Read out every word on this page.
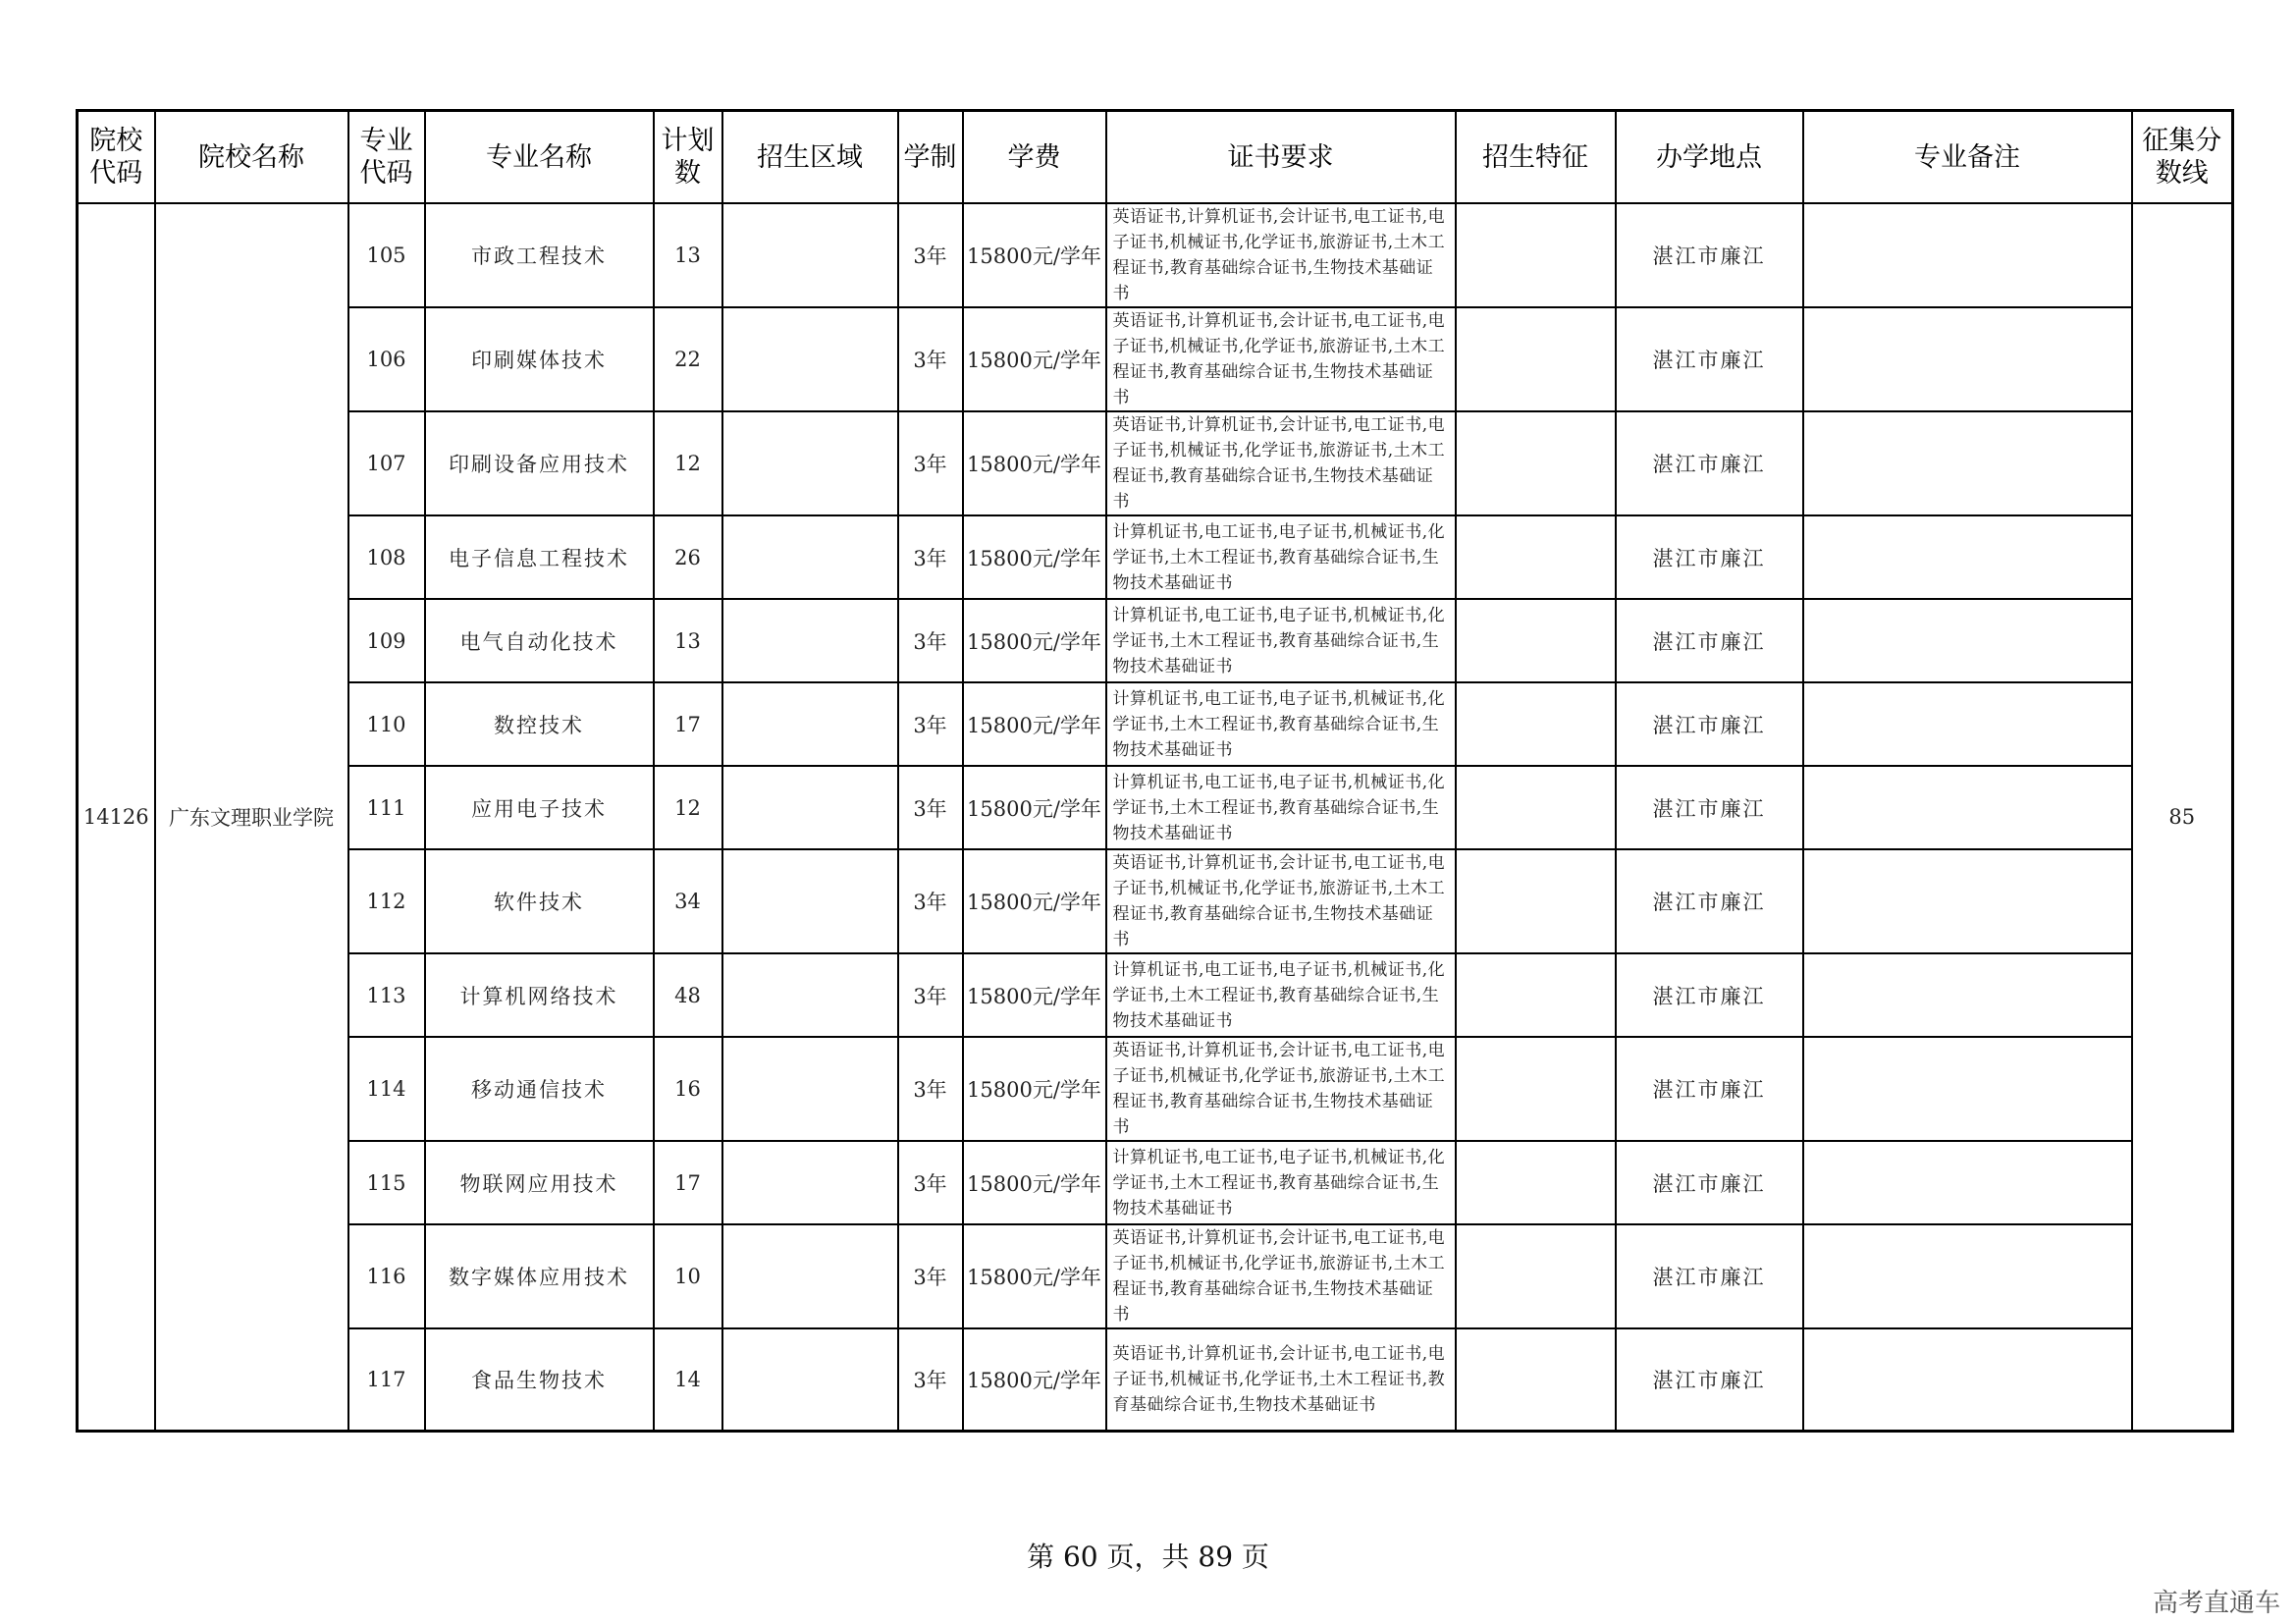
院校代码	院校名称	专业代码	专业名称	计划数	招生区域	学制	学费	证书要求	招生特征	办学地点	专业备注	征集分数线
14126	广东文理职业学院	105	市政工程技术	13		3年	15800元/学年	英语证书,计算机证书,会计证书,电工证书,电子证书,机械证书,化学证书,旅游证书,土木工程证书,教育基础综合证书,生物技术基础证书		湛江市廉江		85
		106	印刷媒体技术	22		3年	15800元/学年	英语证书,计算机证书,会计证书,电工证书,电子证书,机械证书,化学证书,旅游证书,土木工程证书,教育基础综合证书,生物技术基础证书		湛江市廉江		
		107	印刷设备应用技术	12		3年	15800元/学年	英语证书,计算机证书,会计证书,电工证书,电子证书,机械证书,化学证书,旅游证书,土木工程证书,教育基础综合证书,生物技术基础证书		湛江市廉江		
		108	电子信息工程技术	26		3年	15800元/学年	计算机证书,电工证书,电子证书,机械证书,化学证书,土木工程证书,教育基础综合证书,生物技术基础证书		湛江市廉江		
		109	电气自动化技术	13		3年	15800元/学年	计算机证书,电工证书,电子证书,机械证书,化学证书,土木工程证书,教育基础综合证书,生物技术基础证书		湛江市廉江		
		110	数控技术	17		3年	15800元/学年	计算机证书,电工证书,电子证书,机械证书,化学证书,土木工程证书,教育基础综合证书,生物技术基础证书		湛江市廉江		
		111	应用电子技术	12		3年	15800元/学年	计算机证书,电工证书,电子证书,机械证书,化学证书,土木工程证书,教育基础综合证书,生物技术基础证书		湛江市廉江		
		112	软件技术	34		3年	15800元/学年	英语证书,计算机证书,会计证书,电工证书,电子证书,机械证书,化学证书,旅游证书,土木工程证书,教育基础综合证书,生物技术基础证书		湛江市廉江		
		113	计算机网络技术	48		3年	15800元/学年	计算机证书,电工证书,电子证书,机械证书,化学证书,土木工程证书,教育基础综合证书,生物技术基础证书		湛江市廉江		
		114	移动通信技术	16		3年	15800元/学年	英语证书,计算机证书,会计证书,电工证书,电子证书,机械证书,化学证书,旅游证书,土木工程证书,教育基础综合证书,生物技术基础证书		湛江市廉江		
		115	物联网应用技术	17		3年	15800元/学年	计算机证书,电工证书,电子证书,机械证书,化学证书,土木工程证书,教育基础综合证书,生物技术基础证书		湛江市廉江		
		116	数字媒体应用技术	10		3年	15800元/学年	英语证书,计算机证书,会计证书,电工证书,电子证书,机械证书,化学证书,旅游证书,土木工程证书,教育基础综合证书,生物技术基础证书		湛江市廉江		
		117	食品生物技术	14		3年	15800元/学年	英语证书,计算机证书,会计证书,电工证书,电子证书,机械证书,化学证书,土木工程证书,教育基础综合证书,生物技术基础证书		湛江市廉江		
第 60 页，共 89 页
高考直通车
